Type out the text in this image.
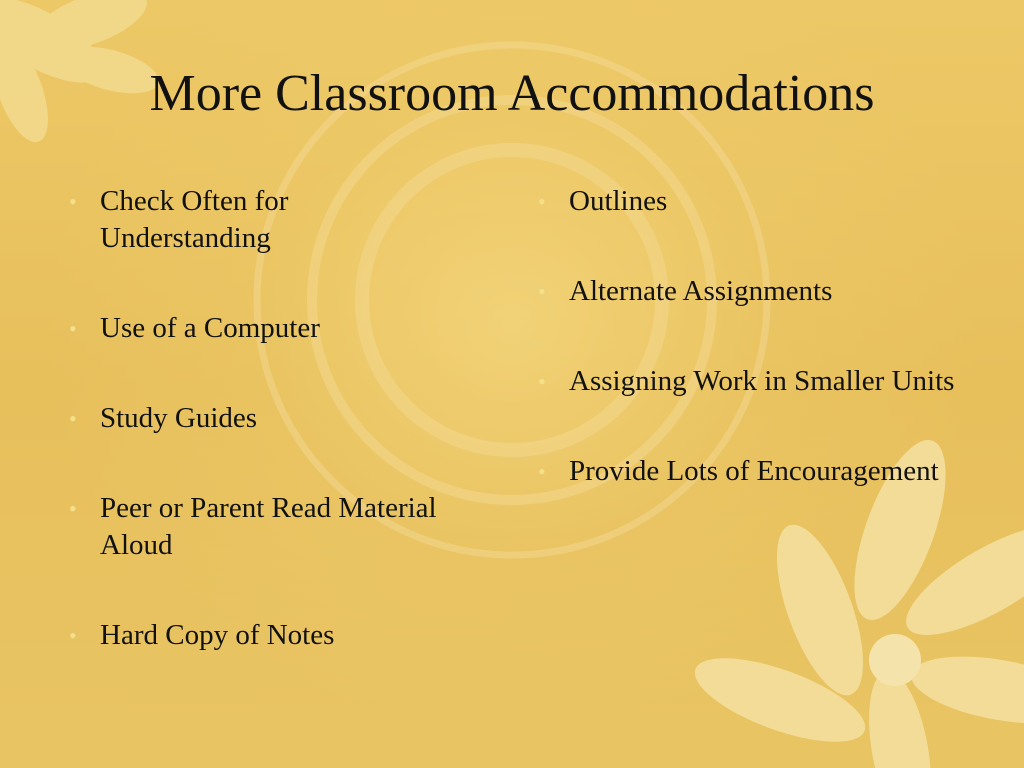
More Classroom Accommodations
• Check Often for Understanding
• Use of a Computer
• Study Guides
• Peer or Parent Read Material Aloud
• Hard Copy of Notes
• Outlines
• Alternate Assignments
• Assigning Work in Smaller Units
• Provide Lots of Encouragement
